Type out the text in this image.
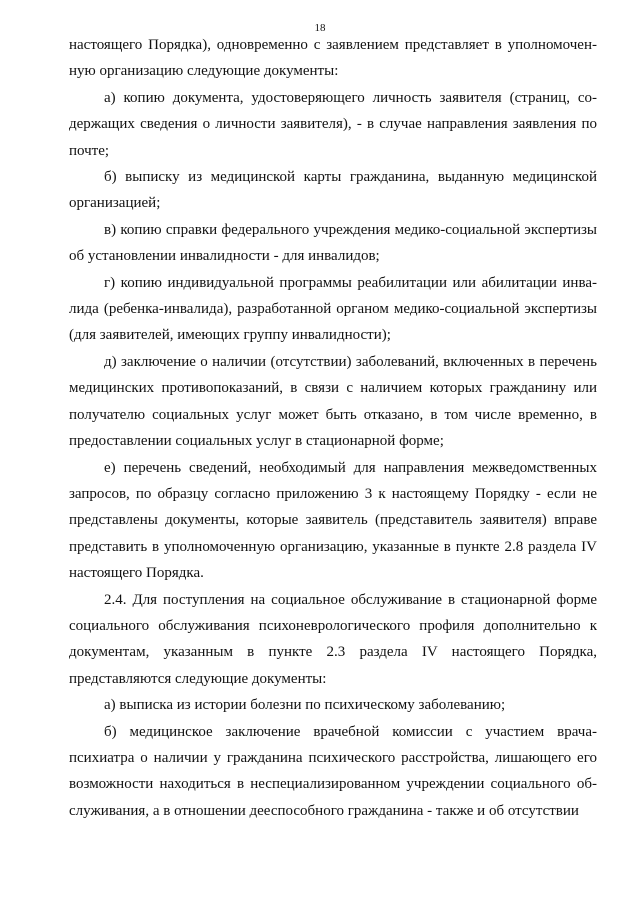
18

настоящего Порядка), одновременно с заявлением представляет в уполномоченную организацию следующие документы:

а) копию документа, удостоверяющего личность заявителя (страниц, содержащих сведения о личности заявителя), - в случае направления заявления по почте;

б) выписку из медицинской карты гражданина, выданную медицинской организацией;

в) копию справки федерального учреждения медико-социальной экспертизы об установлении инвалидности - для инвалидов;

г) копию индивидуальной программы реабилитации или абилитации инвалида (ребенка-инвалида), разработанной органом медико-социальной экспертизы (для заявителей, имеющих группу инвалидности);

д) заключение о наличии (отсутствии) заболеваний, включенных в перечень медицинских противопоказаний, в связи с наличием которых гражданину или получателю социальных услуг может быть отказано, в том числе временно, в предоставлении социальных услуг в стационарной форме;

е) перечень сведений, необходимый для направления межведомственных запросов, по образцу согласно приложению 3 к настоящему Порядку - если не представлены документы, которые заявитель (представитель заявителя) вправе представить в уполномоченную организацию, указанные в пункте 2.8 раздела IV настоящего Порядка.

2.4. Для поступления на социальное обслуживание в стационарной форме социального обслуживания психоневрологического профиля дополнительно к документам, указанным в пункте 2.3 раздела IV настоящего Порядка, представляются следующие документы:

а) выписка из истории болезни по психическому заболеванию;

б) медицинское заключение врачебной комиссии с участием врача-психиатра о наличии у гражданина психического расстройства, лишающего его возможности находиться в неспециализированном учреждении социального обслуживания, а в отношении дееспособного гражданина - также и об отсутствии
